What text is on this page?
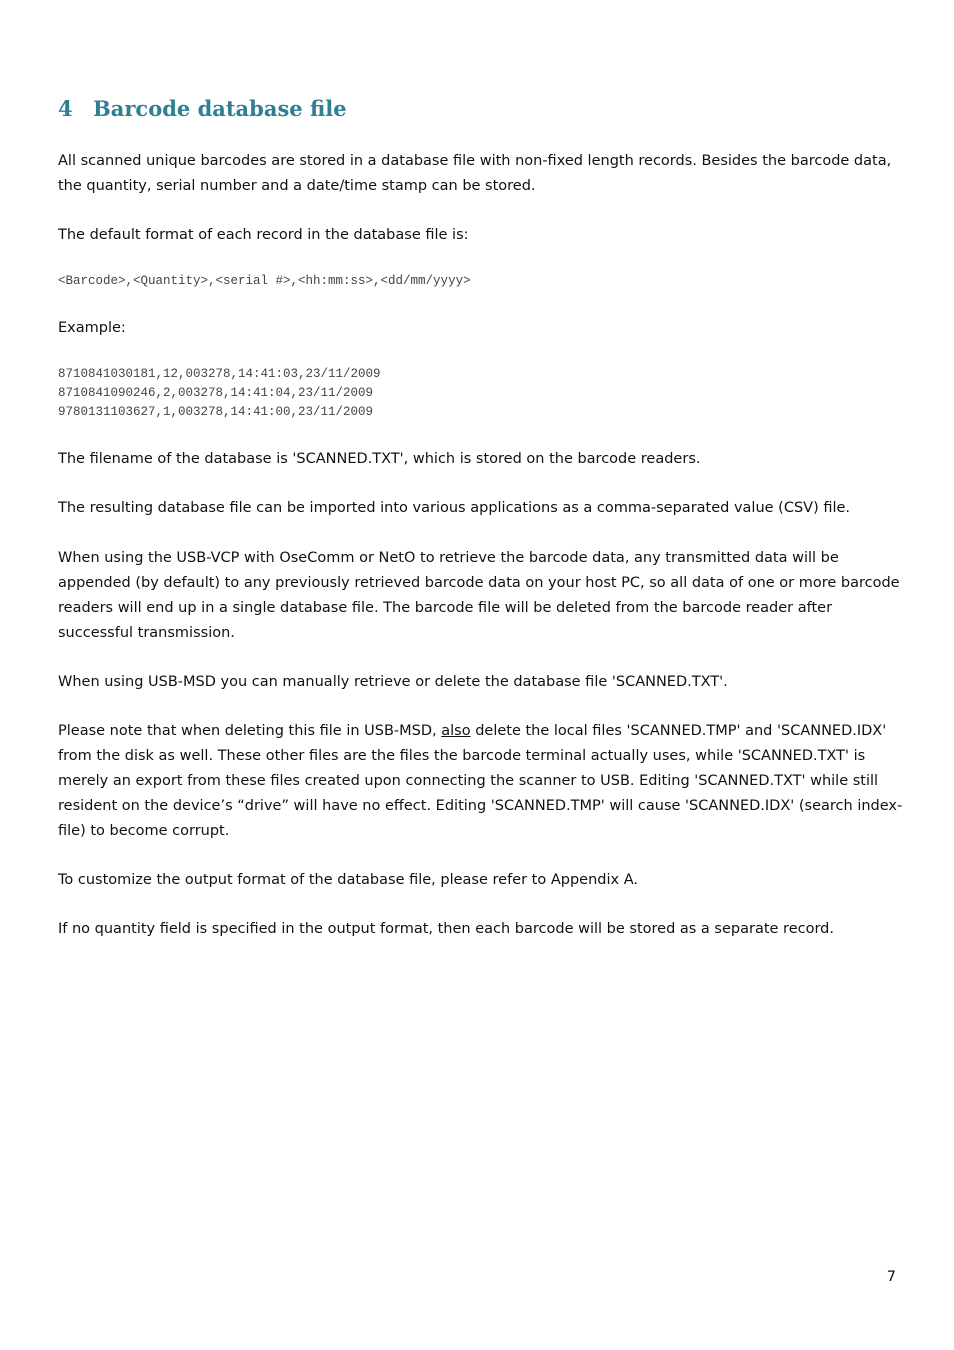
4 Barcode database file

All scanned unique barcodes are stored in a database file with non-fixed length records. Besides the barcode data, the quantity, serial number and a date/time stamp can be stored.

The default format of each record in the database file is:

<Barcode>,<Quantity>,<serial #>,<hh:mm:ss>,<dd/mm/yyyy>

Example:

8710841030181,12,003278,14:41:03,23/11/2009
8710841090246,2,003278,14:41:04,23/11/2009
9780131103627,1,003278,14:41:00,23/11/2009

The filename of the database is 'SCANNED.TXT', which is stored on the barcode readers.

The resulting database file can be imported into various applications as a comma-separated value (CSV) file.

When using the USB-VCP with OseComm or NetO to retrieve the barcode data, any transmitted data will be appended (by default) to any previously retrieved barcode data on your host PC, so all data of one or more barcode readers will end up in a single database file. The barcode file will be deleted from the barcode reader after successful transmission.

When using USB-MSD you can manually retrieve or delete the database file 'SCANNED.TXT'.

Please note that when deleting this file in USB-MSD, also delete the local files 'SCANNED.TMP' and 'SCANNED.IDX' from the disk as well. These other files are the files the barcode terminal actually uses, while 'SCANNED.TXT' is merely an export from these files created upon connecting the scanner to USB. Editing 'SCANNED.TXT' while still resident on the device’s “drive” will have no effect. Editing 'SCANNED.TMP' will cause 'SCANNED.IDX' (search index-file) to become corrupt.

To customize the output format of the database file, please refer to Appendix A.

If no quantity field is specified in the output format, then each barcode will be stored as a separate record.

7
